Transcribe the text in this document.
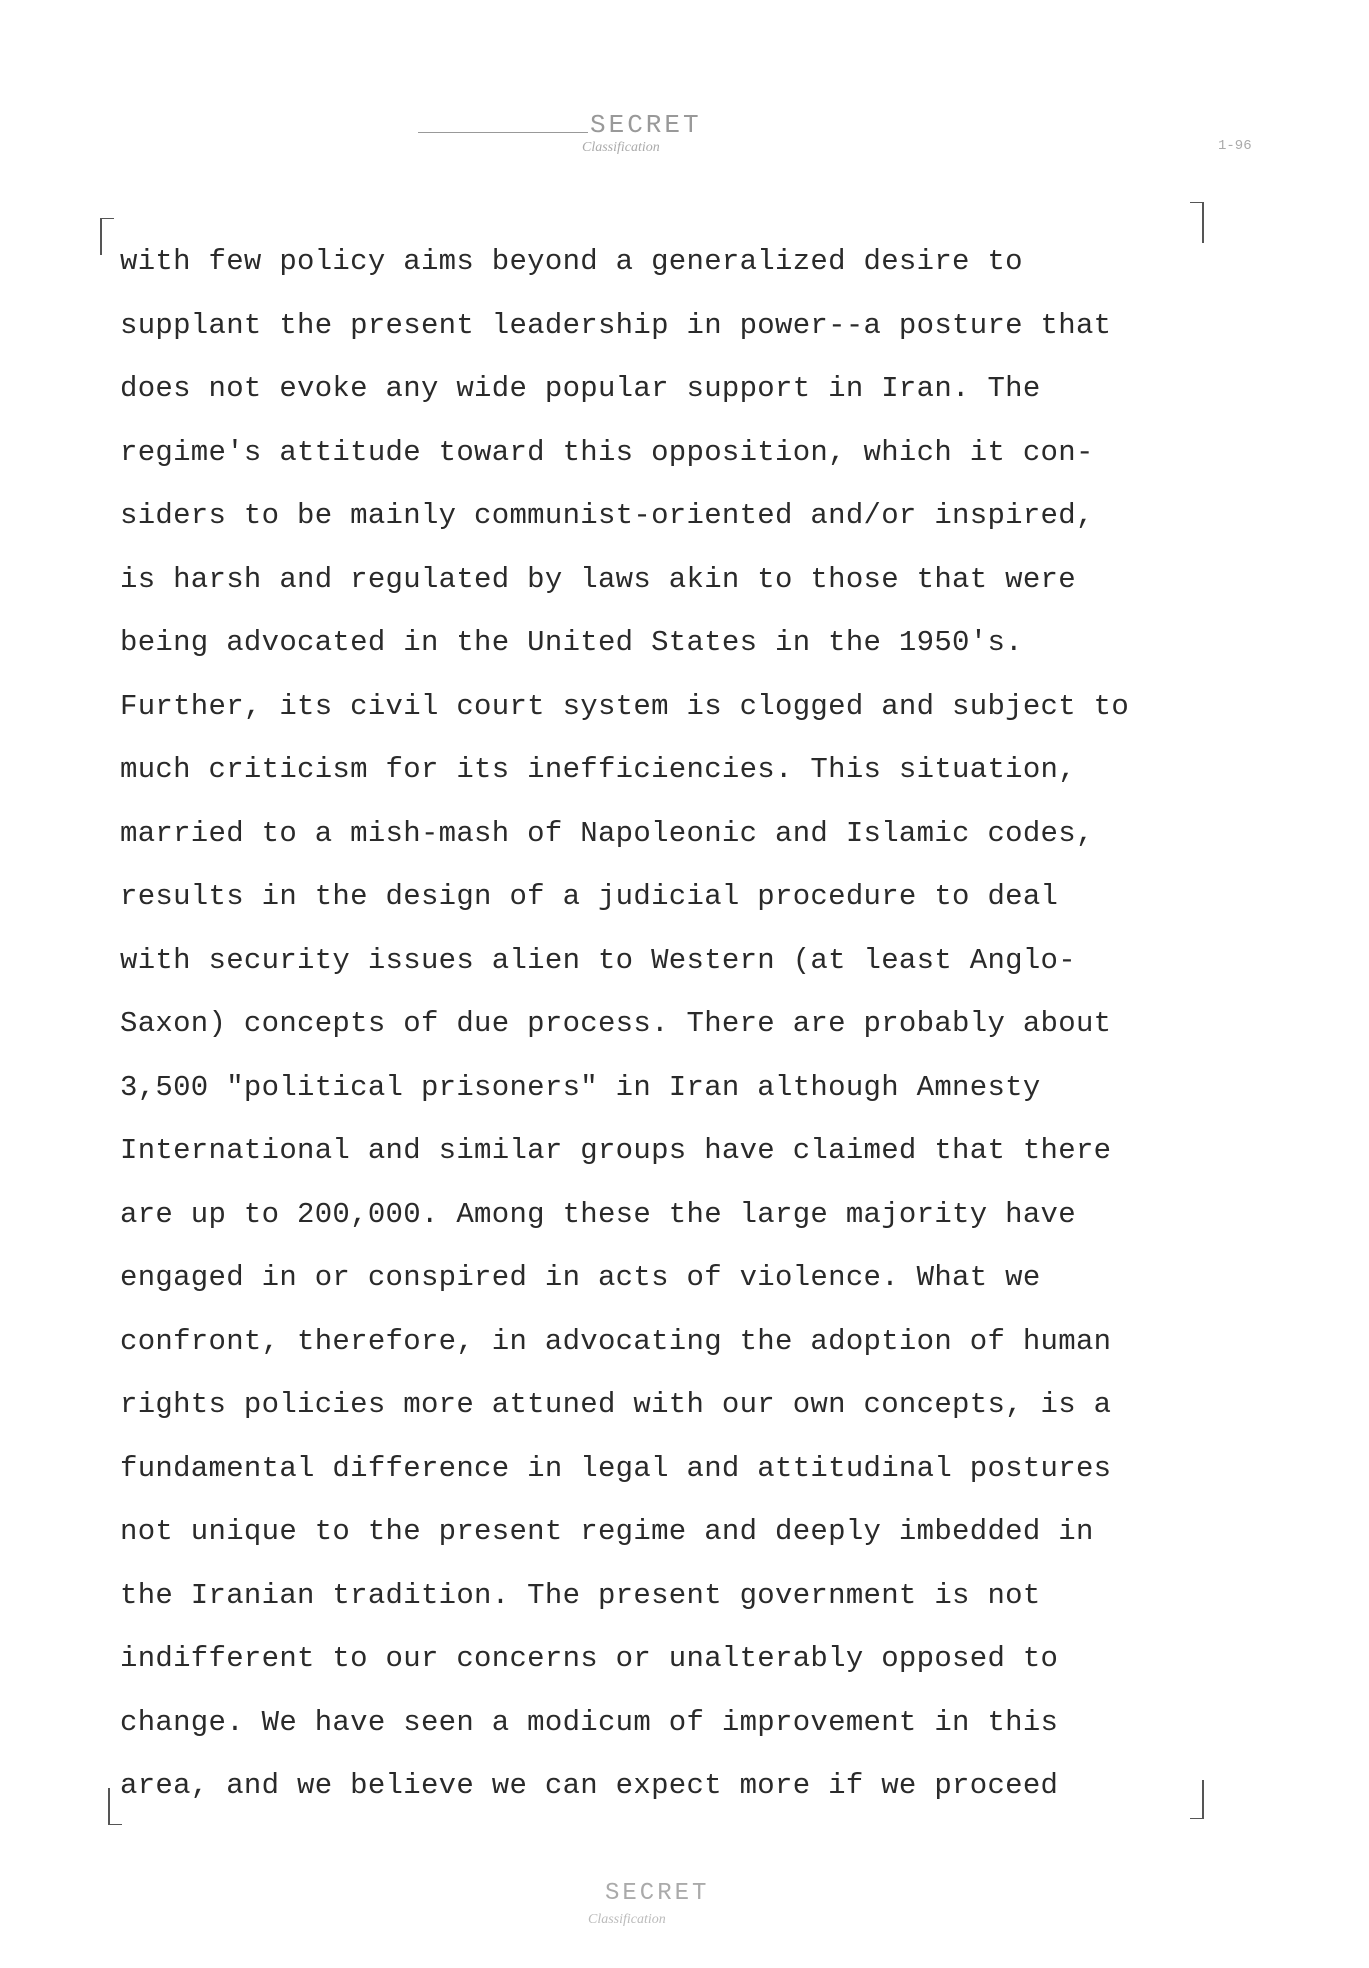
SECRET
Classification	1-96
with few policy aims beyond a generalized desire to
supplant the present leadership in power--a posture that
does not evoke any wide popular support in Iran. The
regime's attitude toward this opposition, which it con-
siders to be mainly communist-oriented and/or inspired,
is harsh and regulated by laws akin to those that were
being advocated in the United States in the 1950's.
Further, its civil court system is clogged and subject to
much criticism for its inefficiencies. This situation,
married to a mish-mash of Napoleonic and Islamic codes,
results in the design of a judicial procedure to deal
with security issues alien to Western (at least Anglo-
Saxon) concepts of due process. There are probably about
3,500 "political prisoners" in Iran although Amnesty
International and similar groups have claimed that there
are up to 200,000. Among these the large majority have
engaged in or conspired in acts of violence. What we
confront, therefore, in advocating the adoption of human
rights policies more attuned with our own concepts, is a
fundamental difference in legal and attitudinal postures
not unique to the present regime and deeply imbedded in
the Iranian tradition. The present government is not
indifferent to our concerns or unalterably opposed to
change. We have seen a modicum of improvement in this
area, and we believe we can expect more if we proceed
SECRET
Classification
